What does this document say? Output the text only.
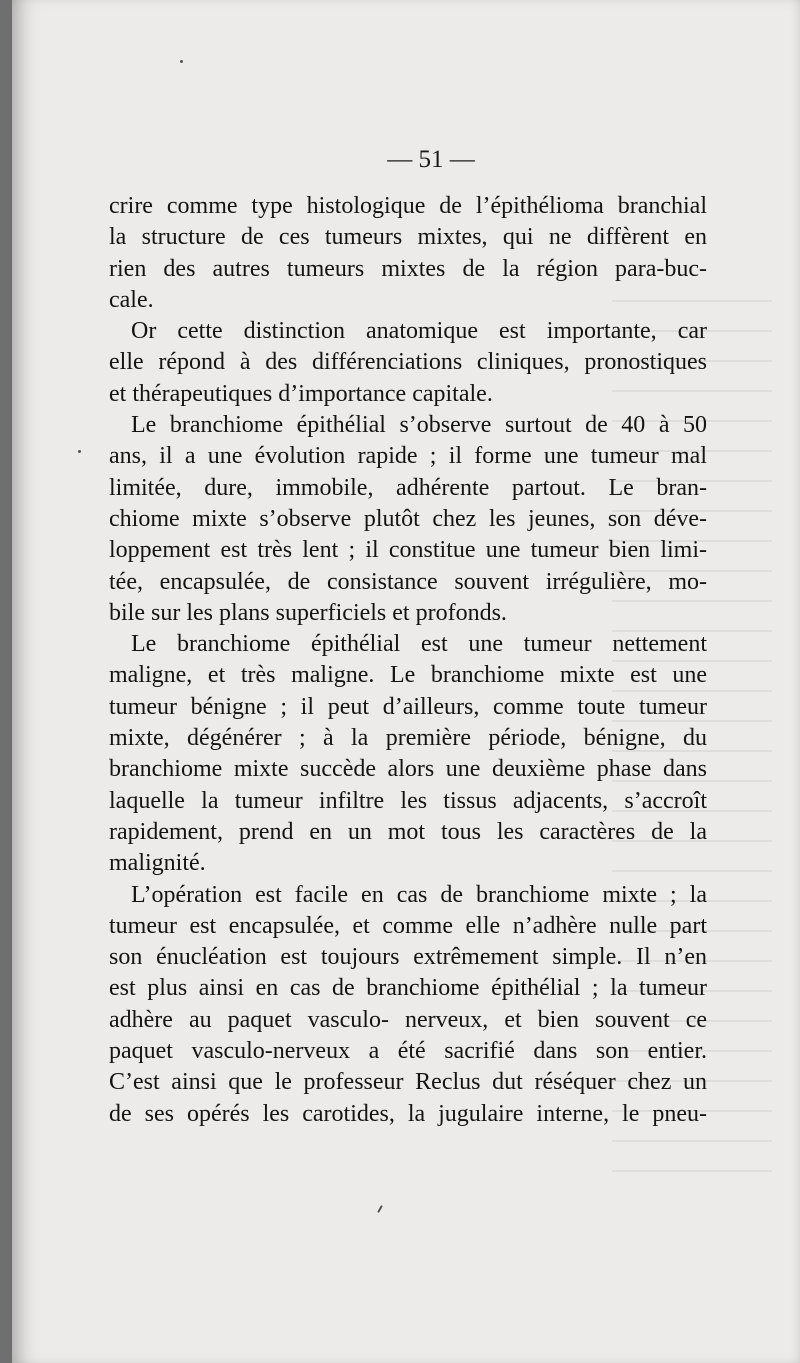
— 51 —

crire comme type histologique de l’épithélioma branchial
la structure de ces tumeurs mixtes, qui ne diffèrent en
rien des autres tumeurs mixtes de la région para-buc-
cale.

Or cette distinction anatomique est importante, car
elle répond à des différenciations cliniques, pronostiques
et thérapeutiques d’importance capitale.

Le branchiome épithélial s’observe surtout de 40 à 50
ans, il a une évolution rapide ; il forme une tumeur mal
limitée, dure, immobile, adhérente partout. Le bran-
chiome mixte s’observe plutôt chez les jeunes, son déve-
loppement est très lent ; il constitue une tumeur bien limi-
tée, encapsulée, de consistance souvent irrégulière, mo-
bile sur les plans superficiels et profonds.

Le branchiome épithélial est une tumeur nettement
maligne, et très maligne. Le branchiome mixte est une
tumeur bénigne ; il peut d’ailleurs, comme toute tumeur
mixte, dégénérer ; à la première période, bénigne, du
branchiome mixte succède alors une deuxième phase dans
laquelle la tumeur infiltre les tissus adjacents, s’accroît
rapidement, prend en un mot tous les caractères de la
malignité.

L’opération est facile en cas de branchiome mixte ; la
tumeur est encapsulée, et comme elle n’adhère nulle part
son énucléation est toujours extrêmement simple. Il n’en
est plus ainsi en cas de branchiome épithélial ; la tumeur
adhère au paquet vasculo- nerveux, et bien souvent ce
paquet vasculo-nerveux a été sacrifié dans son entier.
C’est ainsi que le professeur Reclus dut réséquer chez un
de ses opérés les carotides, la jugulaire interne, le pneu-
